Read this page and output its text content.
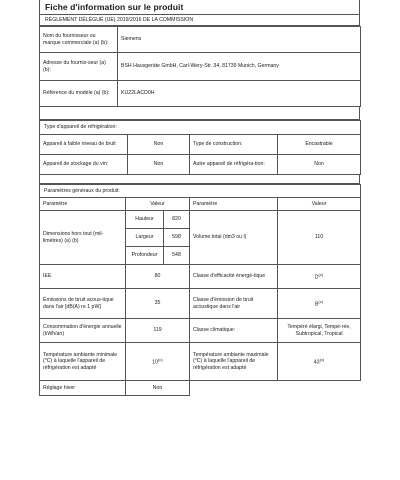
Fiche d'information sur le produit
RÈGLEMENT DÉLÉGUÉ (UE) 2019/2016 DE LA COMMISSION
Nom du fournisseur ou marque commerciale (a) (b):	Siemens
Adresse du fournis-seur (a) (b):	BSH Hausgeräte GmbH, Carl-Wery-Str. 34, 81739 Munich, Germany
Référence du modèle (a) (b):	KU22LACD0H
Type d'appareil de réfrigération:			
Appareil à faible niveau de bruit	Non	Type de construction:	Encastrable
Appareil de stockage du vin:	Non	Autre appareil de réfrigéra-tion:	Non
Paramètres généraux du produit:				
Paramètre	Valeur		Paramètre	Valeur
Dimensions hors tout (mil-limètres) (a) (b)	Hauteur	820	Volume total (dm3 ou l)	110
	Largeur	598		
	Profondeur	548		
IEE	80		Classe d'efficacité énergé-tique	$D^{(c)}$
Émissions de bruit acous-tique dans l'air [dB(A) re 1 pW]	35		Classe d'émission de bruit acoustique dans l'air	$B^{(c)}$
Consommation d'énergie annuelle (kWh/an)	119		Classe climatique:	Tempéré élargi, Tempé-rée, Subtropical, Tropical
Température ambiante minimale (°C) à laquelle l'appareil de réfrigération est adapté	10$^{(c)}$		Température ambiante maximale (°C) à laquelle l'appareil de réfrigération est adapté	43$^{(c)}$
Réglage hiver	Non			
